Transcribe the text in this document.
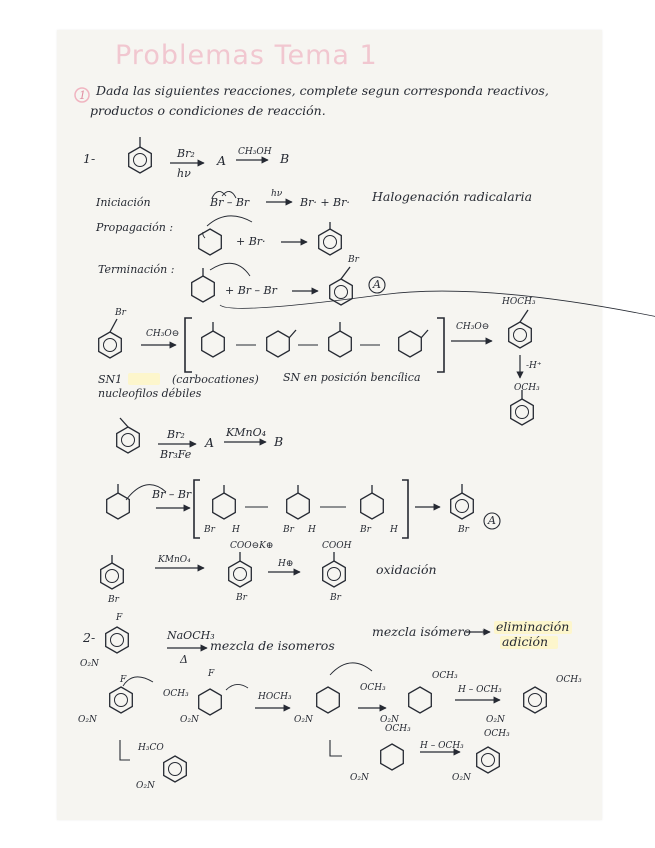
Problemas Tema 1
1 Dada las siguientes reacciones, complete segun corresponda reactivos,
productos o condiciones de reacción.
1-	Br₂
hν
A
CH₃OH B
Iniciación	Br – Br
hν
Br· + Br· Halogenación radicalaria
Propagación :
+ Br·
Terminación :
+ Br – Br
Br
A
Br
CH₃O⊖
CH₃O⊖
HOCH₃
-H⁺
OCH₃
SN1	(carbocationes) SN en posición bencílica
nucleofilos débiles
Br₂
Br₃Fe
A
KMnO₄
B
Br – Br
Br H	Br H	Br H	Br
A
Br
KMnO₄
COO⊖K⊕
Br
H⊕
COOH
Br
oxidación
2-
F
O₂N
NaOCH₃
Δ
mezcla de isomeros
mezcla isómero → eliminación
adición
F
OCH₃
O₂N
F
O₂N
HOCH₃
O₂N
OCH₃
O₂N
OCH₃
H – OCH₃
O₂N
OCH₃
H₃CO
O₂N
OCH₃
O₂N
H – OCH₃
OCH₃
O₂N
